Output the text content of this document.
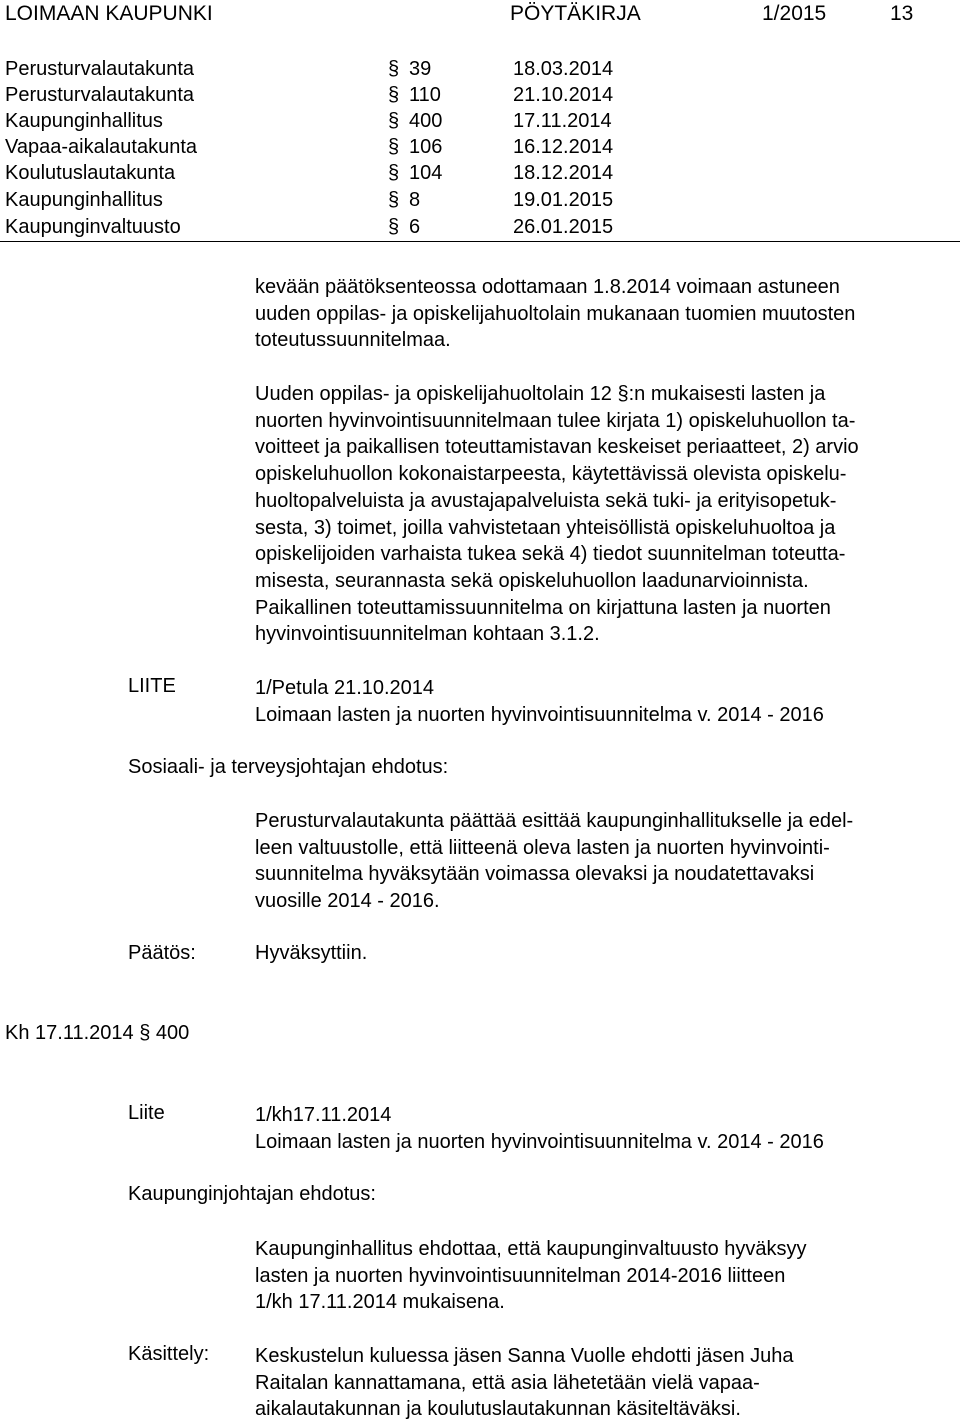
LOIMAAN KAUPUNKI	PÖYTÄKIRJA	1/2015	13
Perusturvalautakunta	§ 39	18.03.2014
Perusturvalautakunta	§ 110	21.10.2014
Kaupunginhallitus	§ 400	17.11.2014
Vapaa-aikalautakunta	§ 106	16.12.2014
Koulutuslautakunta	§ 104	18.12.2014
Kaupunginhallitus	§ 8	19.01.2015
Kaupunginvaltuusto	§ 6	26.01.2015
kevään päätöksenteossa odottamaan 1.8.2014 voimaan astuneen
uuden oppilas- ja opiskelijahuoltolain mukanaan tuomien muutosten
toteutussuunnitelmaa.
Uuden oppilas- ja opiskelijahuoltolain 12 §:n mukaisesti lasten ja
nuorten hyvinvointisuunnitelmaan tulee kirjata 1) opiskeluhuollon ta-
voitteet ja paikallisen toteuttamistavan keskeiset periaatteet, 2) arvio
opiskeluhuollon kokonaistarpeesta, käytettävissä olevista opiskelu-
huoltopalveluista ja avustajapalveluista sekä tuki- ja erityisopetuk-
sesta, 3) toimet, joilla vahvistetaan yhteisöllistä opiskeluhuoltoa ja
opiskelijoiden varhaista tukea sekä 4) tiedot suunnitelman toteutta-
misesta, seurannasta sekä opiskeluhuollon laadunarvioinnista.
Paikallinen toteuttamissuunnitelma on kirjattuna lasten ja nuorten
hyvinvointisuunnitelman kohtaan 3.1.2.
LIITE	1/Petula 21.10.2014
Loimaan lasten ja nuorten hyvinvointisuunnitelma v. 2014 - 2016
Sosiaali- ja terveysjohtajan ehdotus:
Perusturvalautakunta päättää esittää kaupunginhallitukselle ja edel-
leen valtuustolle, että liitteenä oleva lasten ja nuorten hyvinvointi-
suunnitelma hyväksytään voimassa olevaksi ja noudatettavaksi
vuosille 2014 - 2016.
Päätös:	Hyväksyttiin.
Kh 17.11.2014 § 400
Liite	1/kh17.11.2014
Loimaan lasten ja nuorten hyvinvointisuunnitelma v. 2014 - 2016
Kaupunginjohtajan ehdotus:
Kaupunginhallitus ehdottaa, että kaupunginvaltuusto hyväksyy
lasten ja nuorten hyvinvointisuunnitelman 2014-2016 liitteen
1/kh 17.11.2014 mukaisena.
Käsittely: Keskustelun kuluessa jäsen Sanna Vuolle ehdotti jäsen Juha
Raitalan kannattamana, että asia lähetetään vielä vapaa-
aikalautakunnan ja koulutuslautakunnan käsiteltäväksi.
